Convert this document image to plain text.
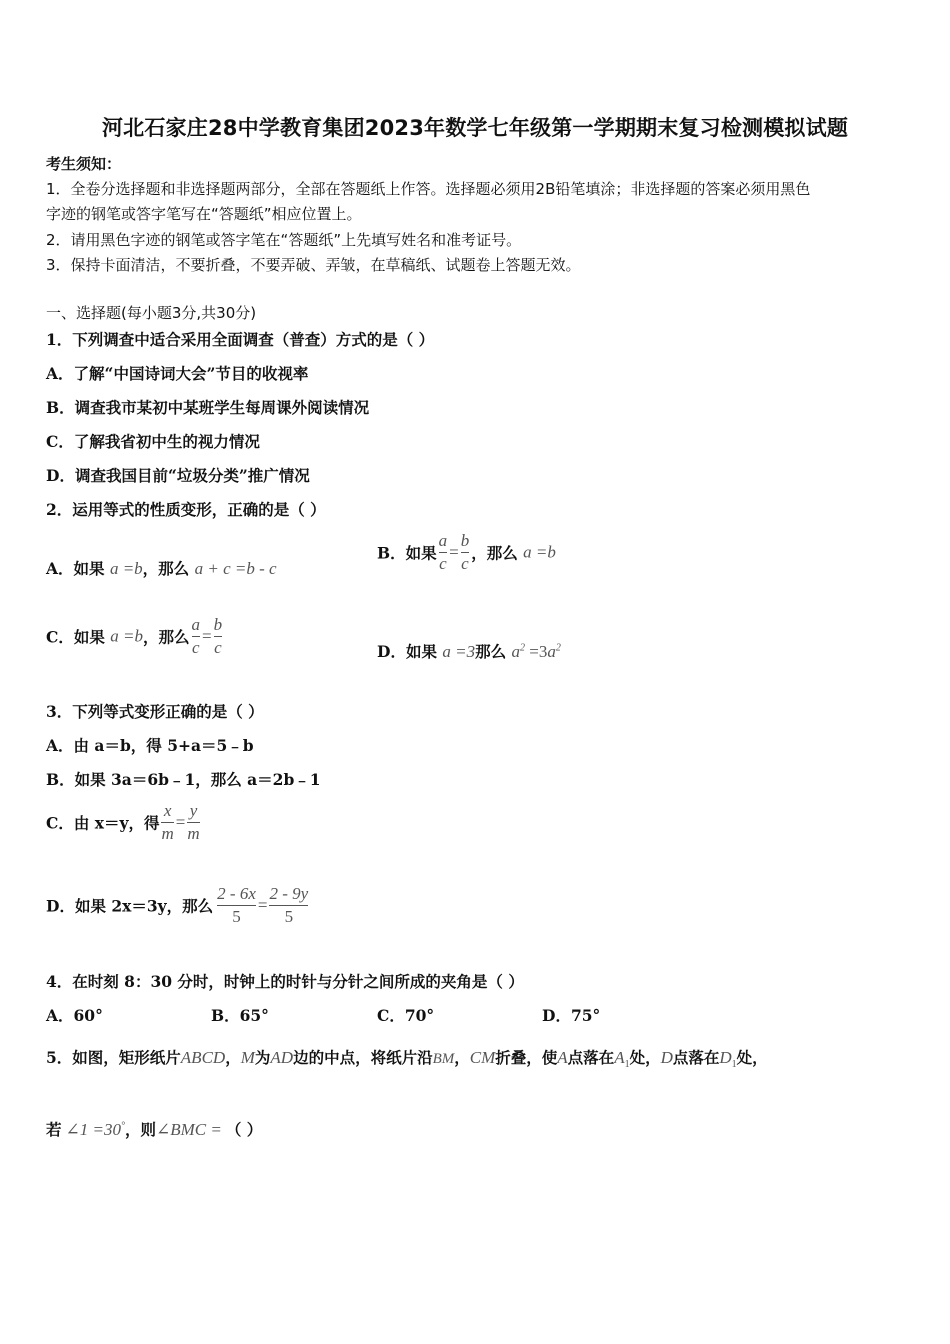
河北石家庄28中学教育集团2023年数学七年级第一学期期末复习检测模拟试题
考生须知：
1．全卷分选择题和非选择题两部分，全部在答题纸上作答。选择题必须用2B铅笔填涂；非选择题的答案必须用黑色
字迹的钢笔或答字笔写在“答题纸”相应位置上。
2．请用黑色字迹的钢笔或答字笔在“答题纸”上先填写姓名和准考证号。
3．保持卡面清洁，不要折叠，不要弄破、弄皱，在草稿纸、试题卷上答题无效。
一、选择题(每小题3分,共30分)
1．下列调查中适合采用全面调查（普查）方式的是（ ）
A．了解“中国诗词大会”节目的收视率
B．调查我市某初中某班学生每周课外阅读情况
C．了解我省初中生的视力情况
D．调查我国目前“垃圾分类”推广情况
2．运用等式的性质变形，正确的是（ ）
A．如果 a =b，那么 a + c =b - c
B．如果 $\frac{a}{c} = \frac{b}{c}$ ，那么 a =b
C．如果 a =b，那么 $\frac{a}{c} = \frac{b}{c}$	D．如果 a =3那么 $a^2 =3a^2$
3．下列等式变形正确的是（ ）
A．由 a＝b，得 5+a＝5﹣b
B．如果 3a＝6b﹣1，那么 a＝2b﹣1
C．由 x＝y，得 $\frac{x}{m} = \frac{y}{m}$
D．如果 2x＝3y，那么 $\frac{2 - 6x}{5} = \frac{2 - 9y}{5}$
4．在时刻 8：30 分时，时钟上的时针与分针之间所成的夹角是（ ）
A．60°	B．65°	C．70°	D．75°
5．如图，矩形纸片ABCD，M为AD边的中点，将纸片沿BM，CM折叠，使A点落在$A_1$处，D点落在$D_1$处，
若 ∠1 =30°，则∠BMC = （ ）
